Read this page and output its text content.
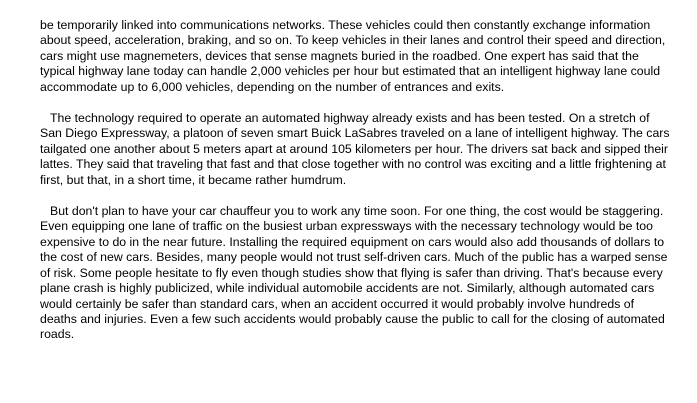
be temporarily linked into communications networks. These vehicles could then constantly exchange information about speed, acceleration, braking, and so on. To keep vehicles in their lanes and control their speed and direction, cars might use magnemeters, devices that sense magnets buried in the roadbed. One expert has said that the typical highway lane today can handle 2,000 vehicles per hour but estimated that an intelligent highway lane could accommodate up to 6,000 vehicles, depending on the number of entrances and exits.

The technology required to operate an automated highway already exists and has been tested. On a stretch of San Diego Expressway, a platoon of seven smart Buick LaSabres traveled on a lane of intelligent highway. The cars tailgated one another about 5 meters apart at around 105 kilometers per hour. The drivers sat back and sipped their lattes. They said that traveling that fast and that close together with no control was exciting and a little frightening at first, but that, in a short time, it became rather humdrum.

But don't plan to have your car chauffeur you to work any time soon. For one thing, the cost would be staggering. Even equipping one lane of traffic on the busiest urban expressways with the necessary technology would be too expensive to do in the near future. Installing the required equipment on cars would also add thousands of dollars to the cost of new cars. Besides, many people would not trust self-driven cars. Much of the public has a warped sense of risk. Some people hesitate to fly even though studies show that flying is safer than driving. That's because every plane crash is highly publicized, while individual automobile accidents are not. Similarly, although automated cars would certainly be safer than standard cars, when an accident occurred it would probably involve hundreds of deaths and injuries. Even a few such accidents would probably cause the public to call for the closing of automated roads.
